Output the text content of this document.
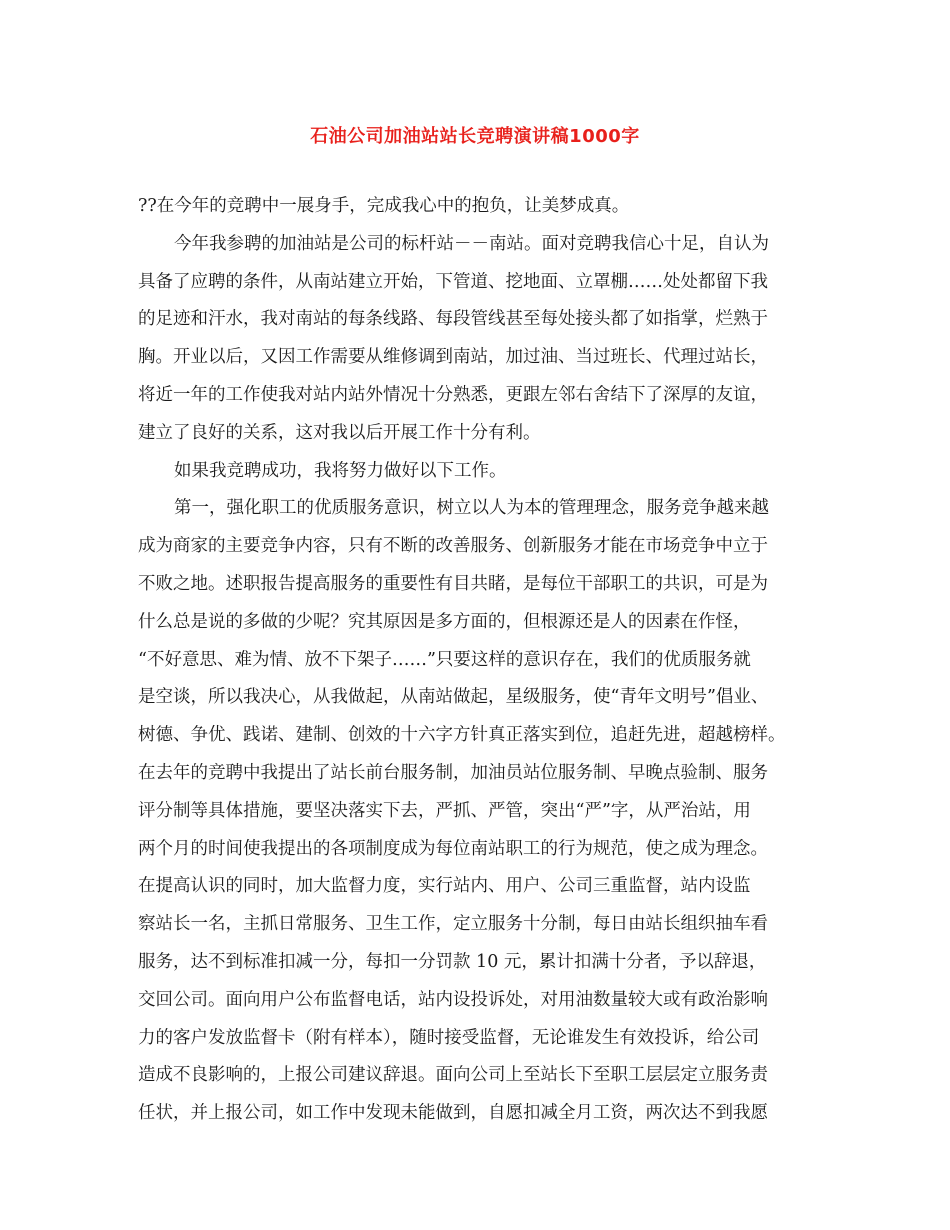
石油公司加油站站长竞聘演讲稿1000字
??在今年的竞聘中一展身手，完成我心中的抱负，让美梦成真。
今年我参聘的加油站是公司的标杆站－－南站。面对竞聘我信心十足，自认为
具备了应聘的条件，从南站建立开始，下管道、挖地面、立罩棚……处处都留下我
的足迹和汗水，我对南站的每条线路、每段管线甚至每处接头都了如指掌，烂熟于
胸。开业以后，又因工作需要从维修调到南站，加过油、当过班长、代理过站长，
将近一年的工作使我对站内站外情况十分熟悉，更跟左邻右舍结下了深厚的友谊，
建立了良好的关系，这对我以后开展工作十分有利。
如果我竞聘成功，我将努力做好以下工作。
第一，强化职工的优质服务意识，树立以人为本的管理理念，服务竞争越来越
成为商家的主要竞争内容，只有不断的改善服务、创新服务才能在市场竞争中立于
不败之地。述职报告提高服务的重要性有目共睹，是每位干部职工的共识，可是为
什么总是说的多做的少呢？究其原因是多方面的，但根源还是人的因素在作怪，
“不好意思、难为情、放不下架子……”只要这样的意识存在，我们的优质服务就
是空谈，所以我决心，从我做起，从南站做起，星级服务，使“青年文明号”倡业、
树德、争优、践诺、建制、创效的十六字方针真正落实到位，追赶先进，超越榜样。
在去年的竞聘中我提出了站长前台服务制，加油员站位服务制、早晚点验制、服务
评分制等具体措施，要坚决落实下去，严抓、严管，突出“严”字，从严治站，用
两个月的时间使我提出的各项制度成为每位南站职工的行为规范，使之成为理念。
在提高认识的同时，加大监督力度，实行站内、用户、公司三重监督，站内设监
察站长一名，主抓日常服务、卫生工作，定立服务十分制，每日由站长组织抽车看
服务，达不到标准扣减一分，每扣一分罚款 10 元，累计扣满十分者，予以辞退，
交回公司。面向用户公布监督电话，站内设投诉处，对用油数量较大或有政治影响
力的客户发放监督卡（附有样本），随时接受监督，无论谁发生有效投诉，给公司
造成不良影响的，上报公司建议辞退。面向公司上至站长下至职工层层定立服务责
任状，并上报公司，如工作中发现未能做到，自愿扣减全月工资，两次达不到我愿
